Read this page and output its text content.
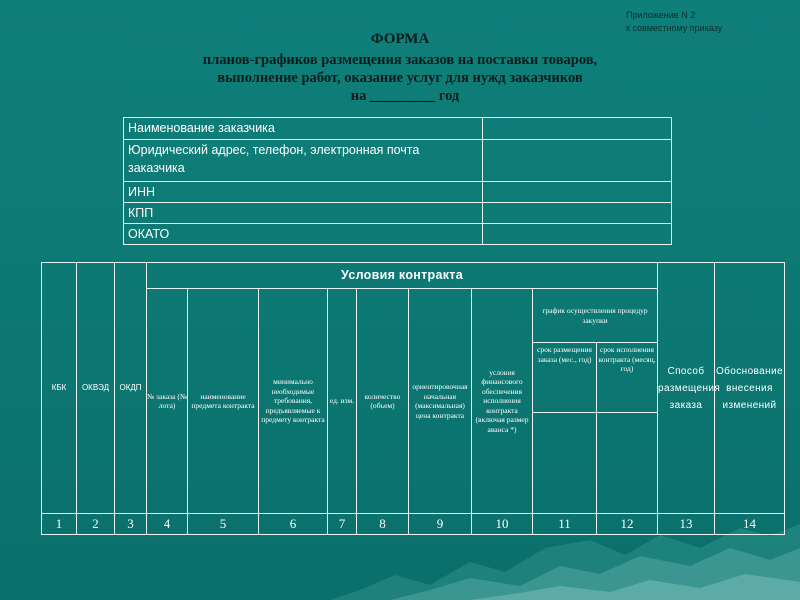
Приложение N 2
к совместному приказу
ФОРМА
планов-графиков размещения заказов на поставки товаров,
выполнение работ, оказание услуг для нужд заказчиков
на _________ год
Наименование заказчика	
Юридический адрес, телефон, электронная почта заказчика	
ИНН	
КПП	
ОКАТО	
КБК	ОКВЭД	ОКДП	Условия контракта									Способ размещения заказа	Обоснование внесения изменений
			№ заказа (№ лота)	наименование предмета контракта	минимально необходимые требования, предъявляемые к предмету контракта	ед. изм.	количество (объем)	ориентировочная начальная (максимальная) цена контракта	условия финансового обеспечения исполнения контракта (включая размер аванса *)	график осуществления процедур закупки			
										срок размещения заказа (мес., год)	срок исполнения контракта (месяц, год)		

1	2	3	4	5	6	7	8	9	10	11	12	13	14
